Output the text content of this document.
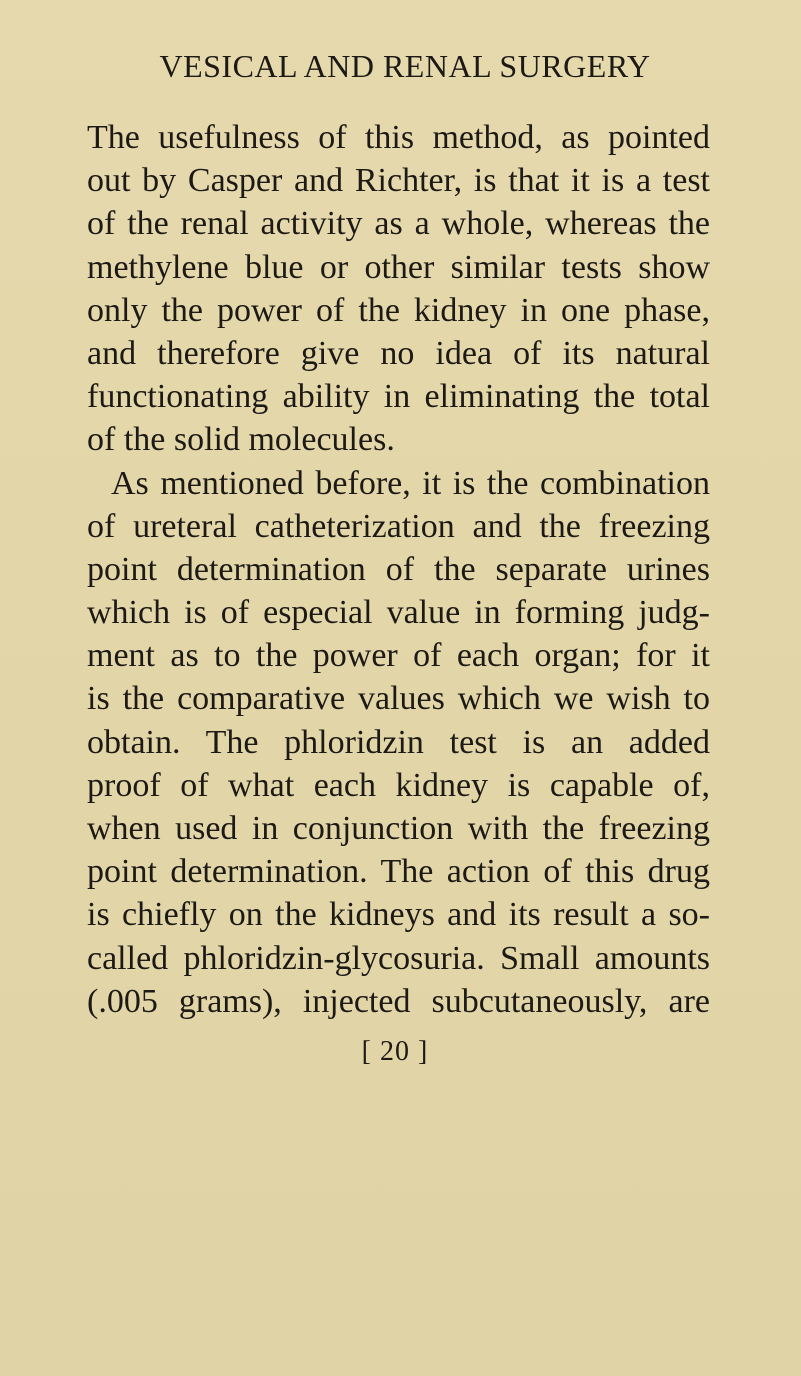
VESICAL AND RENAL SURGERY
The usefulness of this method, as pointed
out by Casper and Richter, is that it is a test
of the renal activity as a whole, whereas the
methylene blue or other similar tests show
only the power of the kidney in one phase,
and therefore give no idea of its natural
functionating ability in eliminating the total
of the solid molecules.
As mentioned before, it is the combination
of ureteral catheterization and the freezing
point determination of the separate urines
which is of especial value in forming judg-
ment as to the power of each organ; for it
is the comparative values which we wish to
obtain. The phloridzin test is an added
proof of what each kidney is capable of,
when used in conjunction with the freezing
point determination. The action of this drug
is chiefly on the kidneys and its result a so-
called phloridzin-glycosuria. Small amounts
(.005 grams), injected subcutaneously, are
[ 20 ]
